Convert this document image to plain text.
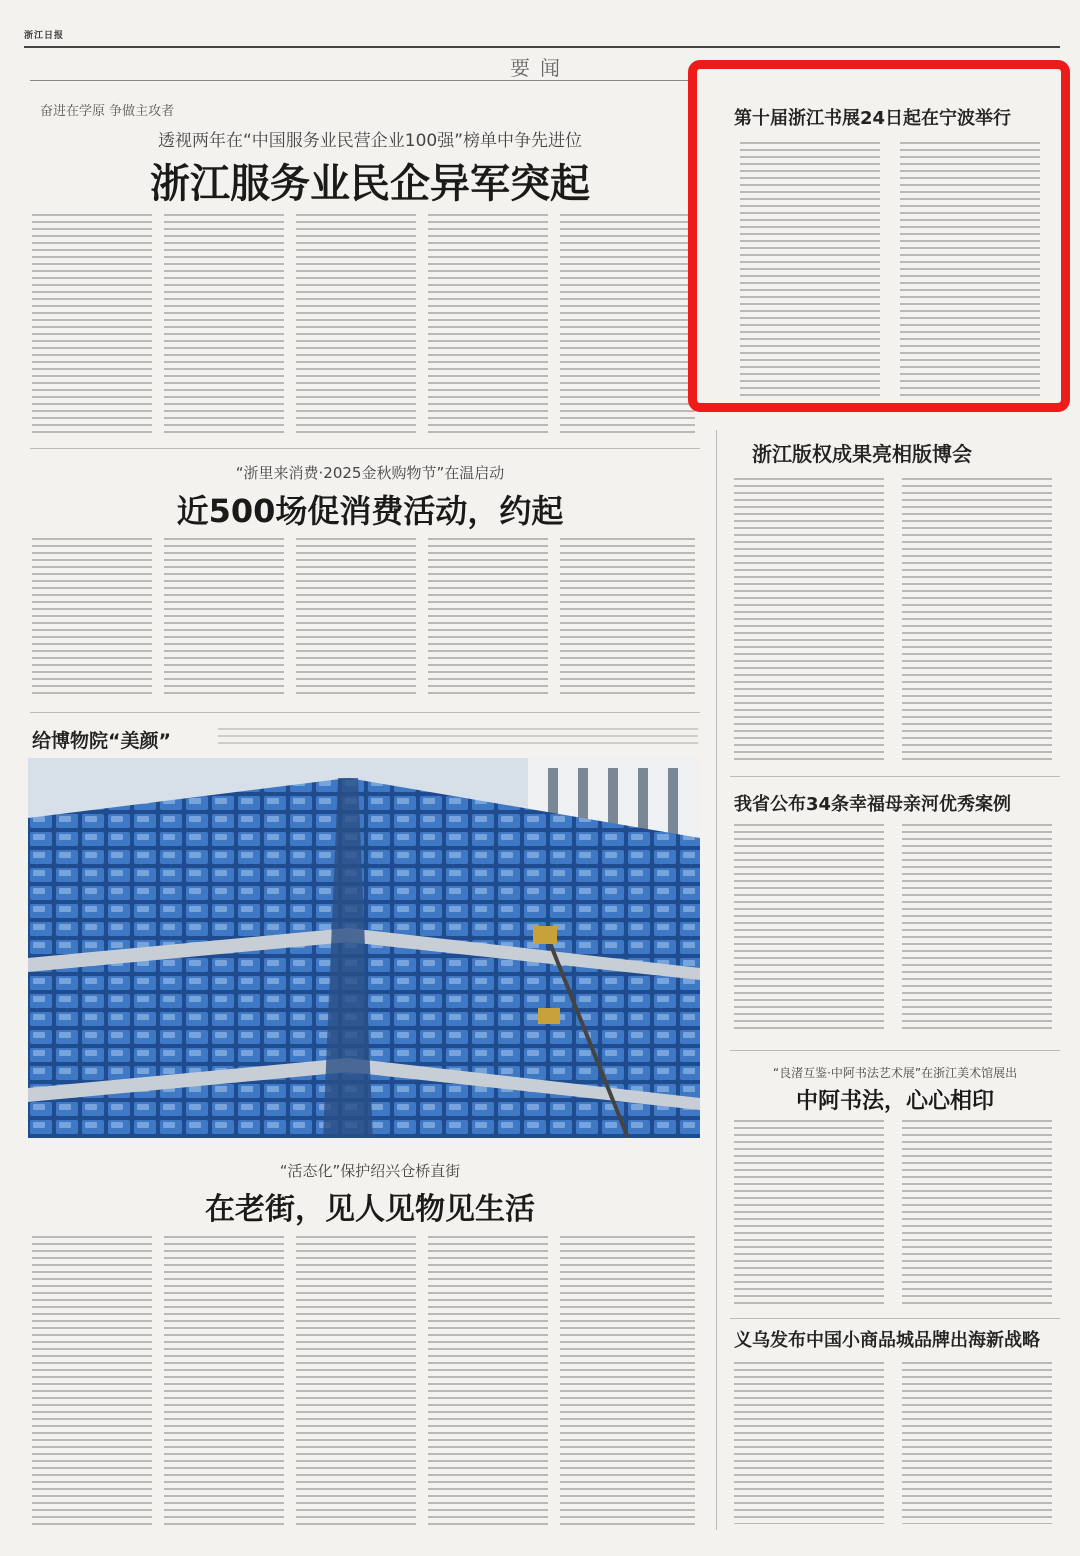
浙江日报
要闻
奋进在学原 争做主攻者
透视两年在“中国服务业民营企业100强”榜单中争先进位
浙江服务业民企异军突起
“浙里来消费·2025金秋购物节”在温启动
近500场促消费活动，约起
给博物院“美颜”
“活态化”保护绍兴仓桥直街
在老街，见人见物见生活
第十届浙江书展24日起在宁波举行
浙江版权成果亮相版博会
我省公布34条幸福母亲河优秀案例
“良渚互鉴·中阿书法艺术展”在浙江美术馆展出
中阿书法，心心相印
义乌发布中国小商品城品牌出海新战略
